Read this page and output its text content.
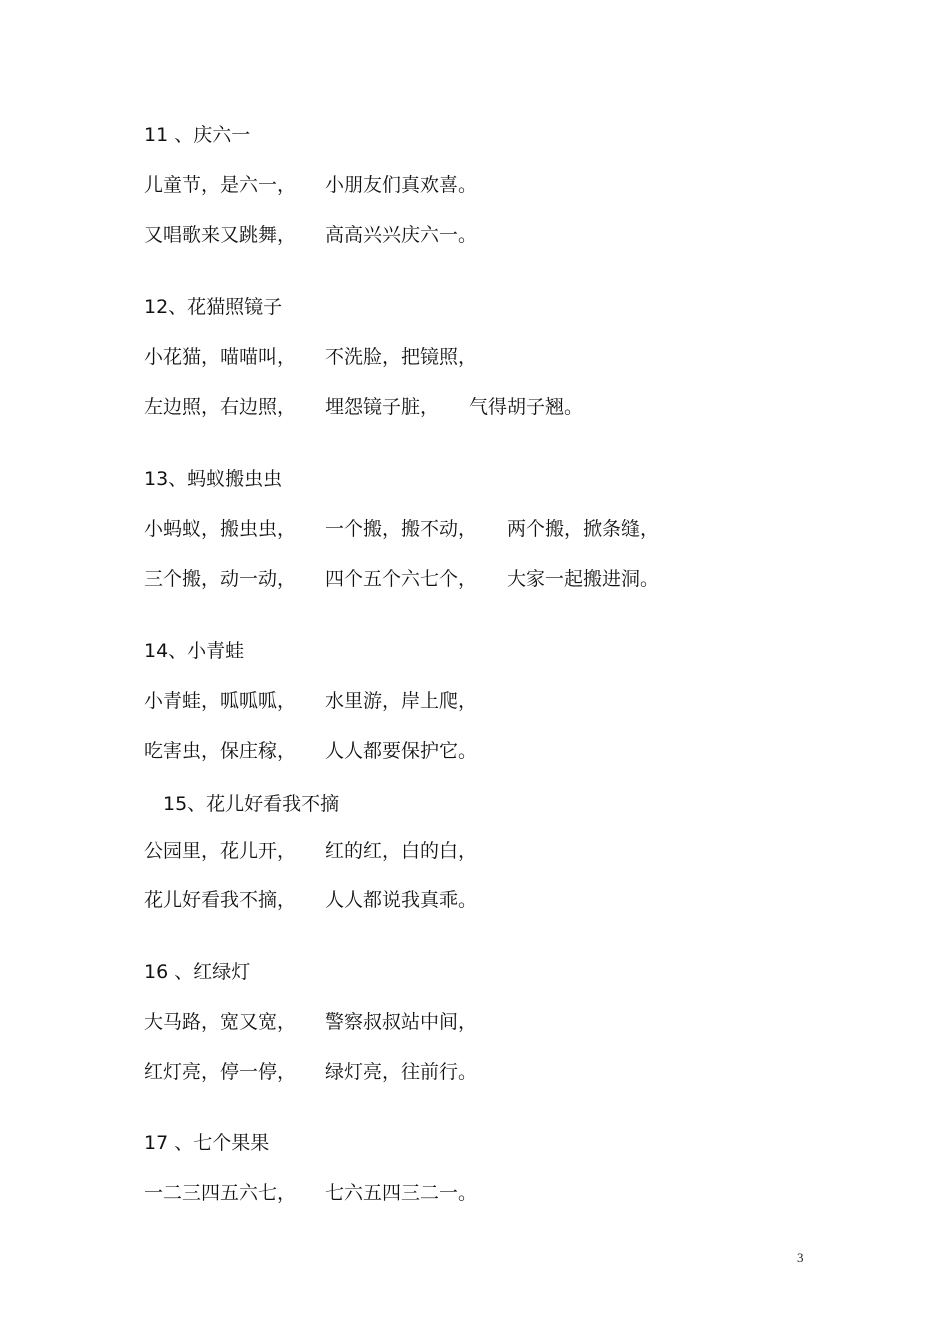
11 、庆六一
儿童节，是六一， 小朋友们真欢喜。
又唱歌来又跳舞， 高高兴兴庆六一。
12、花猫照镜子
小花猫，喵喵叫， 不洗脸，把镜照，
左边照，右边照， 埋怨镜子脏， 气得胡子翘。
13、蚂蚁搬虫虫
小蚂蚁，搬虫虫， 一个搬，搬不动， 两个搬，掀条缝，
三个搬，动一动， 四个五个六七个， 大家一起搬进洞。
14、小青蛙
小青蛙，呱呱呱， 水里游，岸上爬，
吃害虫，保庄稼， 人人都要保护它。
15、花儿好看我不摘
公园里，花儿开， 红的红，白的白，
花儿好看我不摘， 人人都说我真乖。
16 、红绿灯
大马路，宽又宽， 警察叔叔站中间，
红灯亮，停一停， 绿灯亮，往前行。
17 、七个果果
一二三四五六七， 七六五四三二一。
3
